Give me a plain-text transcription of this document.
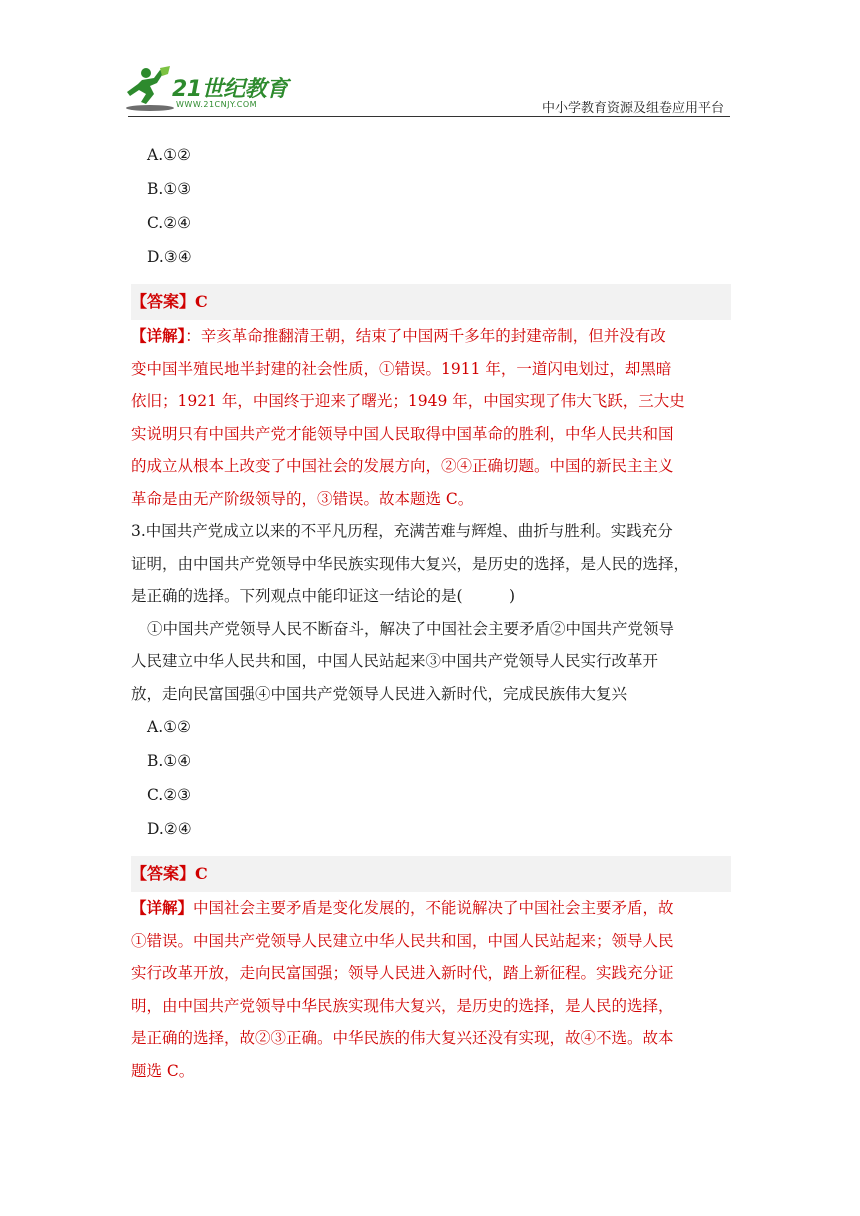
21世纪教育
WWW.21CNJY.COM	中小学教育资源及组卷应用平台
A.①②
B.①③
C.②④
D.③④
【答案】C
【详解】：辛亥革命推翻清王朝，结束了中国两千多年的封建帝制，但并没有改
变中国半殖民地半封建的社会性质，①错误。1911 年，一道闪电划过，却黑暗
依旧；1921 年，中国终于迎来了曙光；1949 年，中国实现了伟大飞跃，三大史
实说明只有中国共产党才能领导中国人民取得中国革命的胜利，中华人民共和国
的成立从根本上改变了中国社会的发展方向，②④正确切题。中国的新民主主义
革命是由无产阶级领导的，③错误。故本题选 C。
3.中国共产党成立以来的不平凡历程，充满苦难与辉煌、曲折与胜利。实践充分
证明，由中国共产党领导中华民族实现伟大复兴，是历史的选择，是人民的选择，
是正确的选择。下列观点中能印证这一结论的是(　　　)
①中国共产党领导人民不断奋斗，解决了中国社会主要矛盾②中国共产党领导
人民建立中华人民共和国，中国人民站起来③中国共产党领导人民实行改革开
放，走向民富国强④中国共产党领导人民进入新时代，完成民族伟大复兴
A.①②
B.①④
C.②③
D.②④
【答案】C
【详解】中国社会主要矛盾是变化发展的，不能说解决了中国社会主要矛盾，故
①错误。中国共产党领导人民建立中华人民共和国，中国人民站起来；领导人民
实行改革开放，走向民富国强；领导人民进入新时代，踏上新征程。实践充分证
明，由中国共产党领导中华民族实现伟大复兴，是历史的选择，是人民的选择，
是正确的选择，故②③正确。中华民族的伟大复兴还没有实现，故④不选。故本
题选 C。
